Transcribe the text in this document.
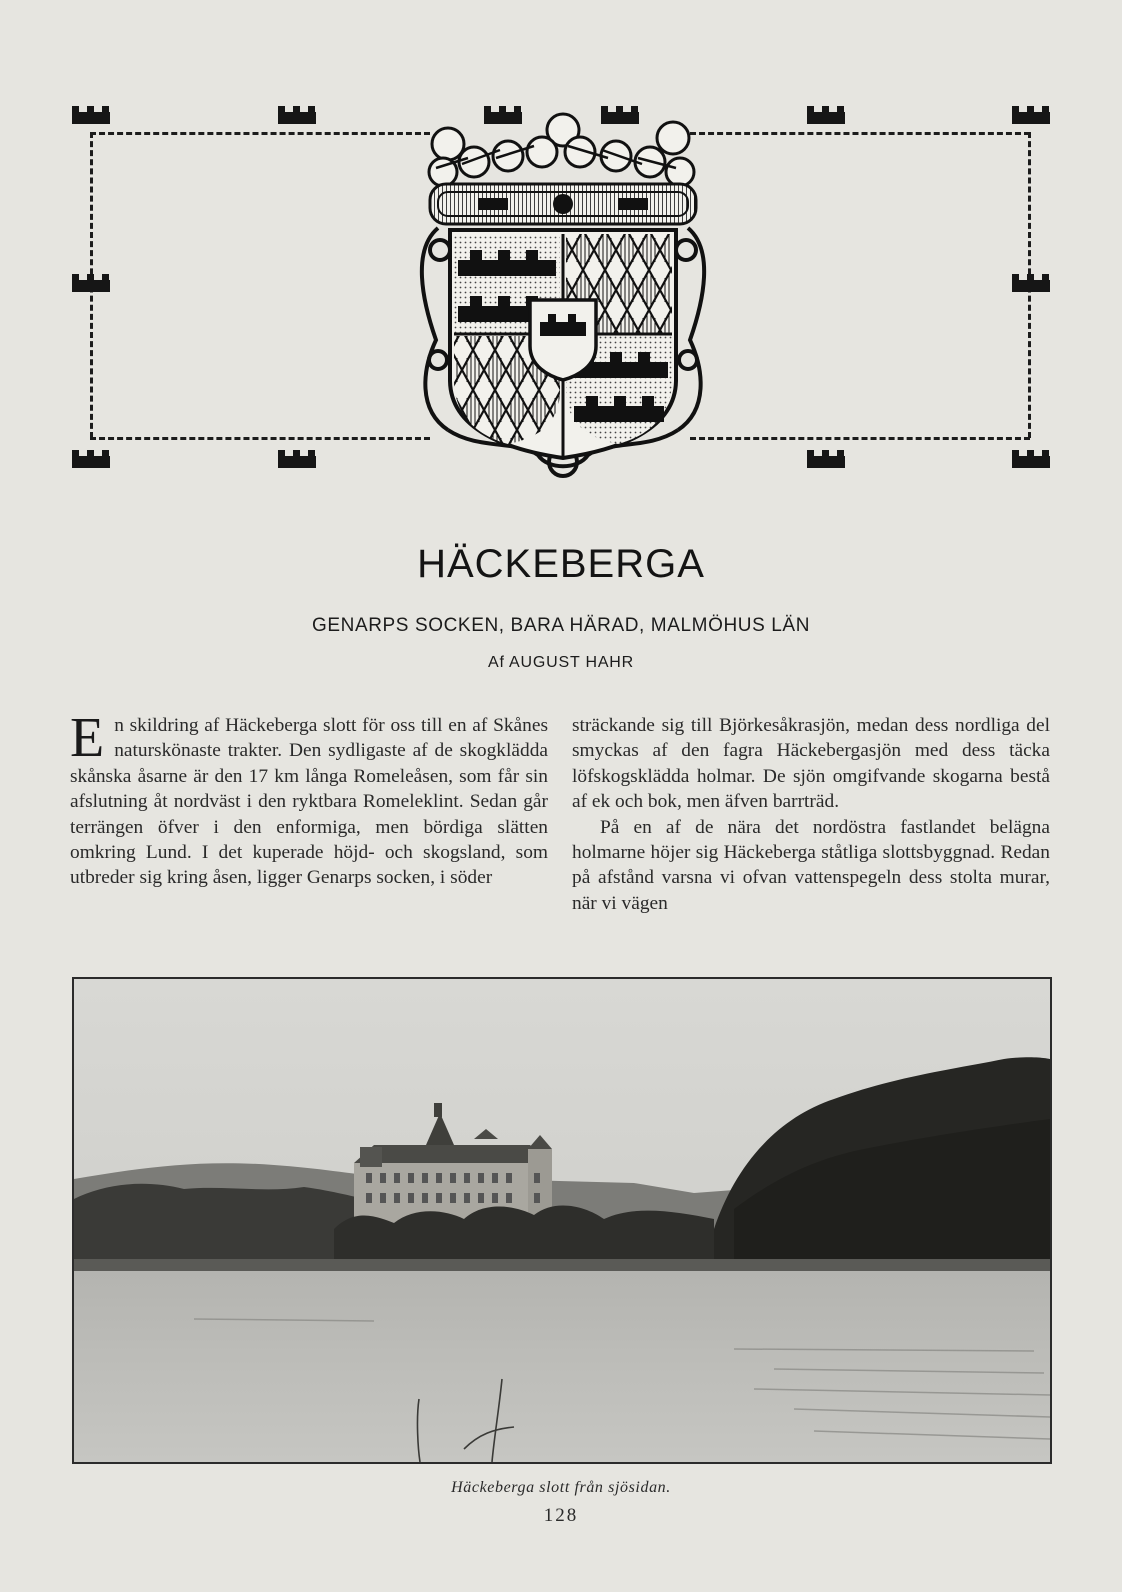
HÄCKEBERGA
GENARPS SOCKEN, BARA HÄRAD, MALMÖHUS LÄN
Af AUGUST HAHR

En skildring af Häckeberga slott för oss till en af Skånes naturskönaste trakter. Den sydligaste af de skogklädda skånska åsarne är den 17 km långa Romeleåsen, som får sin afslutning åt nordväst i den ryktbara Romeleklint. Sedan går terrängen öfver i den enformiga, men bördiga slätten omkring Lund. I det kuperade höjd- och skogsland, som utbreder sig kring åsen, ligger Genarps socken, i söder

sträckande sig till Björkesåkrasjön, medan dess nordliga del smyckas af den fagra Häckebergasjön med dess täcka löfskogsklädda holmar. De sjön omgifvande skogarna bestå af ek och bok, men äfven barrträd.

På en af de nära det nordöstra fastlandet belägna holmarne höjer sig Häckeberga ståtliga slottsbyggnad. Redan på afstånd varsna vi ofvan vattenspegeln dess stolta murar, när vi vägen

Häckeberga slott från sjösidan.
128
